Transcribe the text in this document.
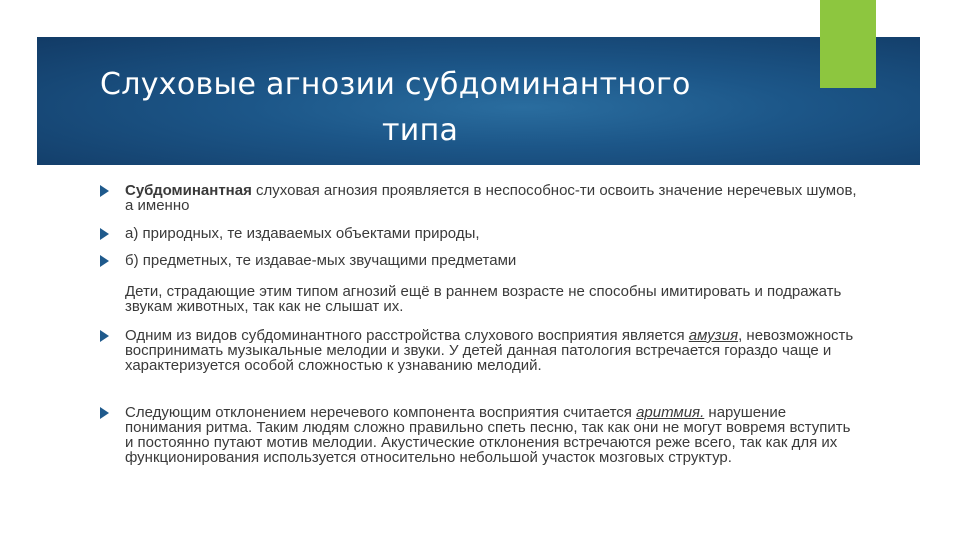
Слуховые агнозии субдоминантного
типа
Субдоминантная слуховая агнозия проявляется в неспособнос-ти освоить значение неречевых шумов, а именно
а) природных, те издаваемых объектами природы,
б) предметных, те издавае-мых звучащими предметами
Дети, страдающие этим типом агнозий ещё в раннем возрасте не способны имитировать и подражать звукам животных, так как не слышат их.
Одним из видов субдоминантного расстройства слухового восприятия является амузия, невозможность воспринимать музыкальные мелодии и звуки. У детей данная патология встречается гораздо чаще и характеризуется особой сложностью к узнаванию мелодий.
Следующим отклонением неречевого компонента восприятия считается аритмия. нарушение понимания ритма. Таким людям сложно правильно спеть песню, так как они не могут вовремя вступить и постоянно путают мотив мелодии. Акустические отклонения встречаются реже всего, так как для их функционирования используется относительно небольшой участок мозговых структур.
